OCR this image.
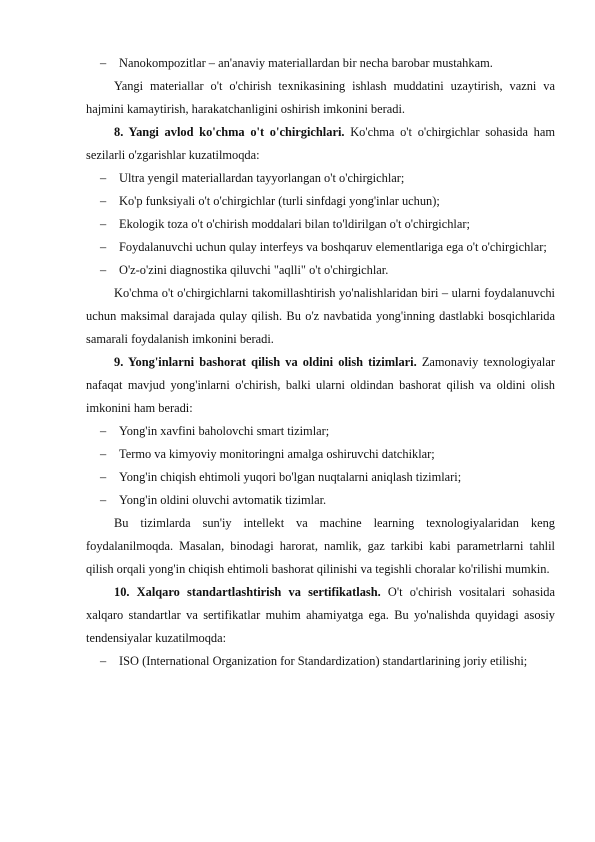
– Nanokompozitlar – an'anaviy materiallardan bir necha barobar mustahkam.

Yangi materiallar o't o'chirish texnikasining ishlash muddatini uzaytirish, vazni va hajmini kamaytirish, harakatchanligini oshirish imkonini beradi.

8. Yangi avlod ko'chma o't o'chirgichlari. Ko'chma o't o'chirgichlar sohasida ham sezilarli o'zgarishlar kuzatilmoqda:

– Ultra yengil materiallardan tayyorlangan o't o'chirgichlar;

– Ko'p funksiyali o't o'chirgichlar (turli sinfdagi yong'inlar uchun);

– Ekologik toza o't o'chirish moddalari bilan to'ldirilgan o't o'chirgichlar;

– Foydalanuvchi uchun qulay interfeys va boshqaruv elementlariga ega o't o'chirgichlar;

– O'z-o'zini diagnostika qiluvchi "aqlli" o't o'chirgichlar.

Ko'chma o't o'chirgichlarni takomillashtirish yo'nalishlaridan biri – ularni foydalanuvchi uchun maksimal darajada qulay qilish. Bu o'z navbatida yong'inning dastlabki bosqichlarida samarali foydalanish imkonini beradi.

9. Yong'inlarni bashorat qilish va oldini olish tizimlari. Zamonaviy texnologiyalar nafaqat mavjud yong'inlarni o'chirish, balki ularni oldindan bashorat qilish va oldini olish imkonini ham beradi:

– Yong'in xavfini baholovchi smart tizimlar;

– Termo va kimyoviy monitoringni amalga oshiruvchi datchiklar;

– Yong'in chiqish ehtimoli yuqori bo'lgan nuqtalarni aniqlash tizimlari;

– Yong'in oldini oluvchi avtomatik tizimlar.

Bu tizimlarda sun'iy intellekt va machine learning texnologiyalaridan keng foydalanilmoqda. Masalan, binodagi harorat, namlik, gaz tarkibi kabi parametrlarni tahlil qilish orqali yong'in chiqish ehtimoli bashorat qilinishi va tegishli choralar ko'rilishi mumkin.

10. Xalqaro standartlashtirish va sertifikatlash. O't o'chirish vositalari sohasida xalqaro standartlar va sertifikatlar muhim ahamiyatga ega. Bu yo'nalishda quyidagi asosiy tendensiyalar kuzatilmoqda:

– ISO (International Organization for Standardization) standartlarining joriy etilishi;
